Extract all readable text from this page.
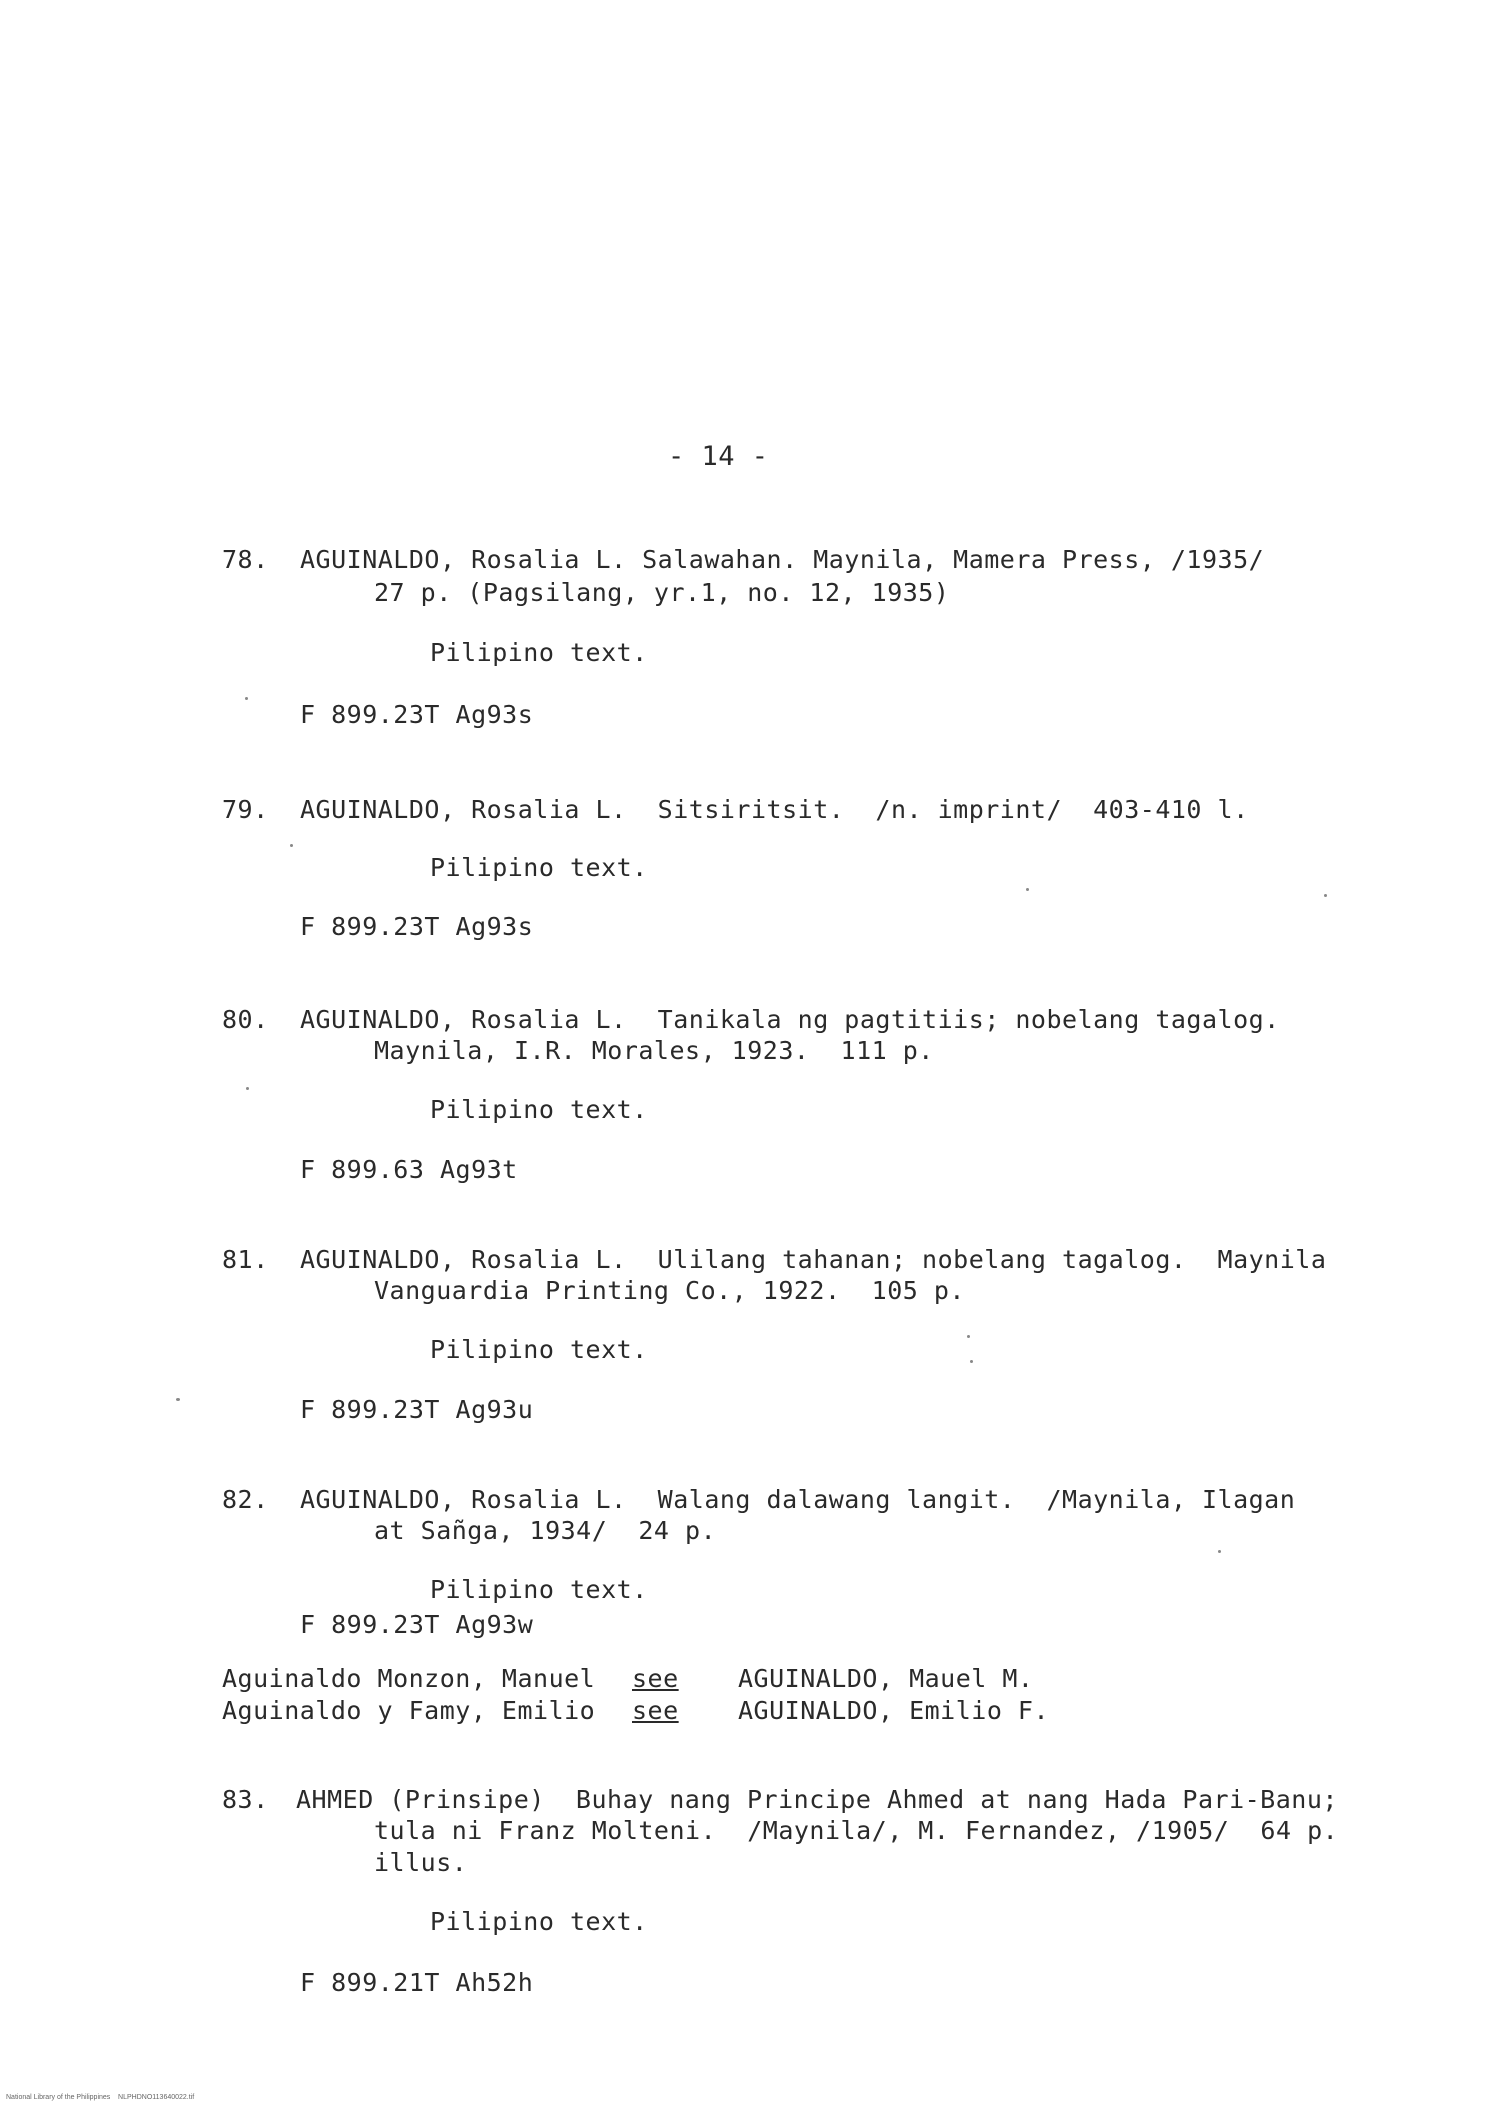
- 14 -
78. AGUINALDO, Rosalia L. Salawahan. Maynila, Mamera Press, /1935/
27 p. (Pagsilang, yr.1, no. 12, 1935)
Pilipino text.
F 899.23T Ag93s
79. AGUINALDO, Rosalia L.  Sitsiritsit.  /n. imprint/  403-410 l.
Pilipino text.
F 899.23T Ag93s
80. AGUINALDO, Rosalia L.  Tanikala ng pagtitiis; nobelang tagalog.
Maynila, I.R. Morales, 1923.  111 p.
Pilipino text.
F 899.63 Ag93t
81. AGUINALDO, Rosalia L.  Ulilang tahanan; nobelang tagalog.  Maynila
Vanguardia Printing Co., 1922.  105 p.
Pilipino text.
F 899.23T Ag93u
82. AGUINALDO, Rosalia L.  Walang dalawang langit.  /Maynila, Ilagan
at Sañga, 1934/  24 p.
Pilipino text.
F 899.23T Ag93w
Aguinaldo Monzon, Manuel see AGUINALDO, Mauel M.
Aguinaldo y Famy, Emilio see AGUINALDO, Emilio F.
83. AHMED (Prinsipe)  Buhay nang Principe Ahmed at nang Hada Pari-Banu;
tula ni Franz Molteni.  /Maynila/, M. Fernandez, /1905/  64 p.
illus.
Pilipino text.
F 899.21T Ah52h
National Library of the Philippines    NLPHDNO113640022.tif
